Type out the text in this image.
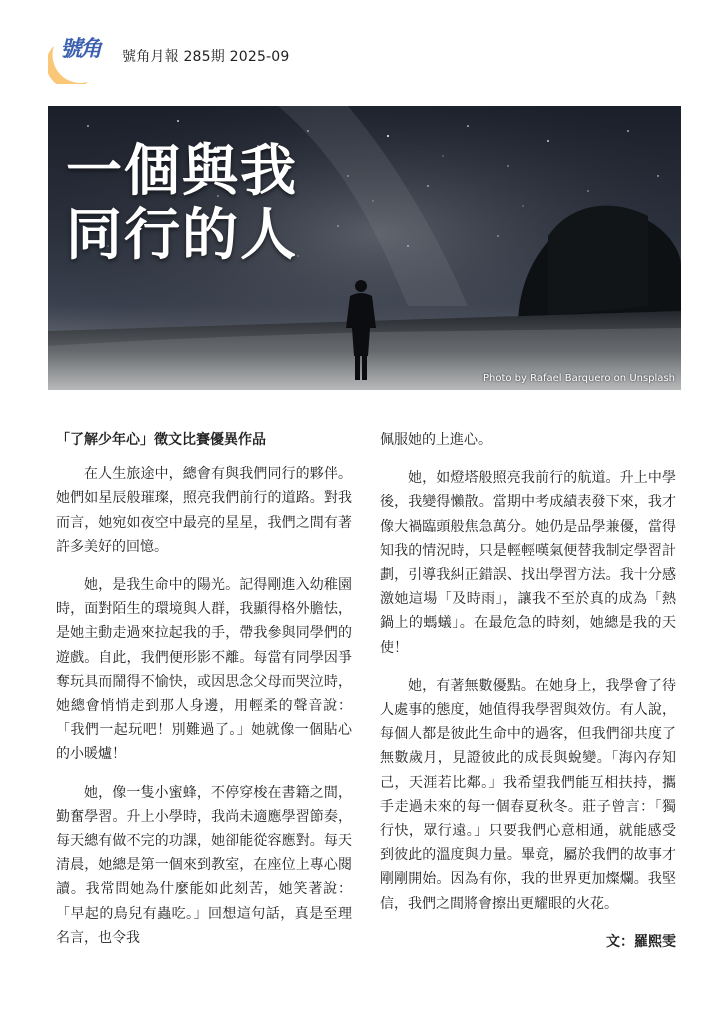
號角 號角月報 285期 2025-09
一個與我
同行的人
Photo by Rafael Barquero on Unsplash
「了解少年心」徵文比賽優異作品

在人生旅途中，總會有與我們同行的夥伴。她們如星辰般璀璨，照亮我們前行的道路。對我而言，她宛如夜空中最亮的星星，我們之間有著許多美好的回憶。

她，是我生命中的陽光。記得剛進入幼稚園時，面對陌生的環境與人群，我顯得格外膽怯，是她主動走過來拉起我的手，帶我參與同學們的遊戲。自此，我們便形影不離。每當有同學因爭奪玩具而鬧得不愉快，或因思念父母而哭泣時，她總會悄悄走到那人身邊，用輕柔的聲音說：「我們一起玩吧！別難過了。」她就像一個貼心的小暖爐！

她，像一隻小蜜蜂，不停穿梭在書籍之間，勤奮學習。升上小學時，我尚未適應學習節奏，每天總有做不完的功課，她卻能從容應對。每天清晨，她總是第一個來到教室，在座位上專心閱讀。我常問她為什麼能如此刻苦，她笑著說：「早起的鳥兒有蟲吃。」回想這句話，真是至理名言，也令我

佩服她的上進心。

她，如燈塔般照亮我前行的航道。升上中學後，我變得懶散。當期中考成績表發下來，我才像大禍臨頭般焦急萬分。她仍是品學兼優，當得知我的情況時，只是輕輕嘆氣便替我制定學習計劃，引導我糾正錯誤、找出學習方法。我十分感激她這場「及時雨」，讓我不至於真的成為「熱鍋上的螞蟻」。在最危急的時刻，她總是我的天使！

她，有著無數優點。在她身上，我學會了待人處事的態度，她值得我學習與效仿。有人說，每個人都是彼此生命中的過客，但我們卻共度了無數歲月，見證彼此的成長與蛻變。「海內存知己，天涯若比鄰。」我希望我們能互相扶持，攜手走過未來的每一個春夏秋冬。莊子曾言：「獨行快，眾行遠。」只要我們心意相通，就能感受到彼此的溫度與力量。畢竟，屬於我們的故事才剛剛開始。因為有你，我的世界更加燦爛。我堅信，我們之間將會擦出更耀眼的火花。

文：羅熙雯
